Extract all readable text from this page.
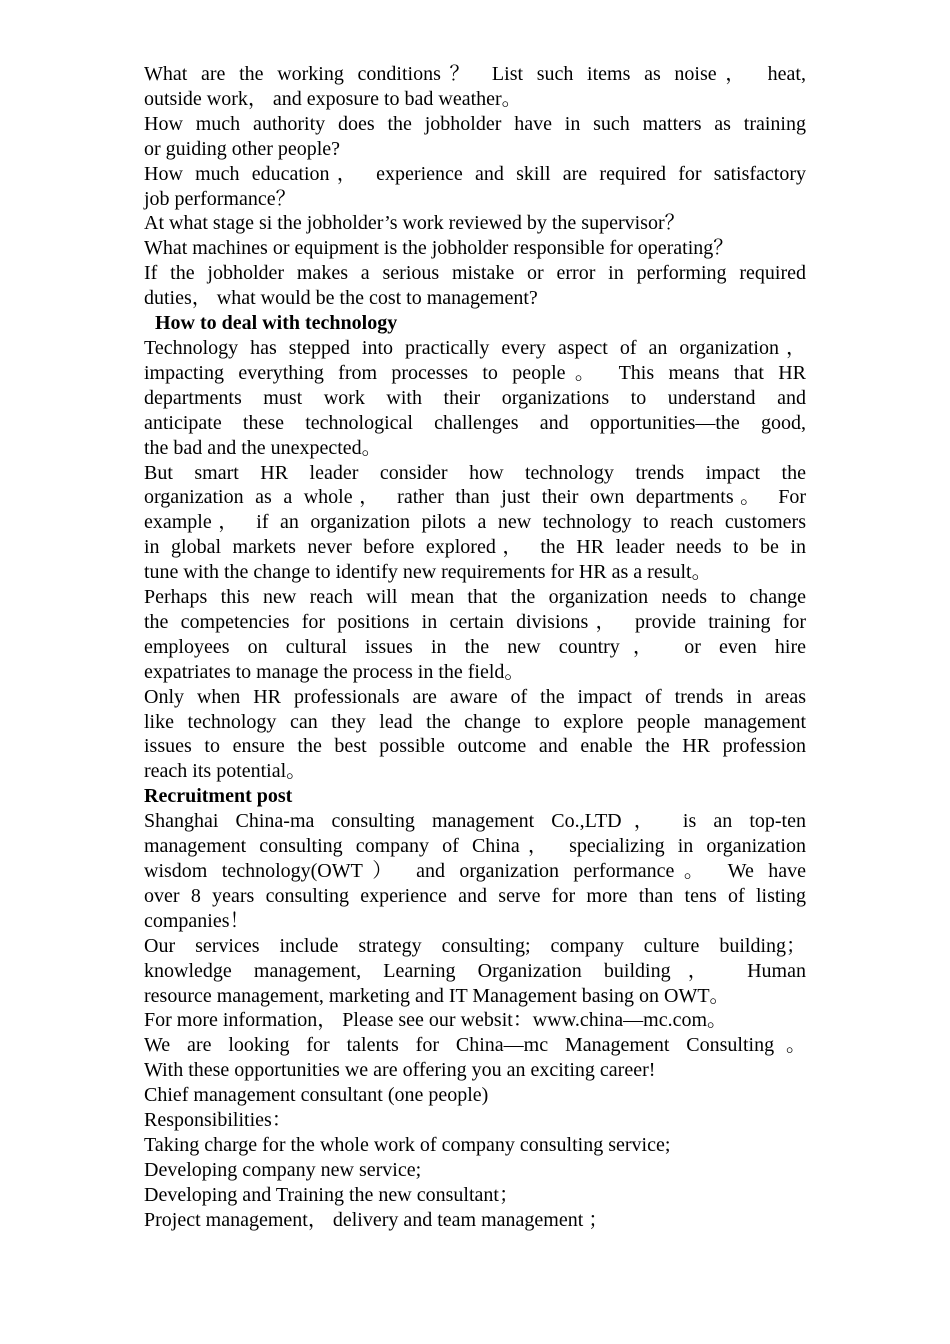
What are the working conditions？ List such items as noise， heat,
outside work， and exposure to bad weather。
How much authority does the jobholder have in such matters as training
or guiding other people?
How much education， experience and skill are required for satisfactory
job performance？
At what stage si the jobholder’s work reviewed by the supervisor？
What machines or equipment is the jobholder responsible for operating？
If the jobholder makes a serious mistake or error in performing required
duties， what would be the cost to management?
How to deal with technology
Technology has stepped into practically every aspect of an organization，
impacting everything from processes to people。 This means that HR
departments must work with their organizations to understand and
anticipate these technological challenges and opportunities—the good,
the bad and the unexpected。
But smart HR leader consider how technology trends impact the
organization as a whole， rather than just their own departments。 For
example， if an organization pilots a new technology to reach customers
in global markets never before explored， the HR leader needs to be in
tune with the change to identify new requirements for HR as a result。
Perhaps this new reach will mean that the organization needs to change
the competencies for positions in certain divisions， provide training for
employees on cultural issues in the new country， or even hire
expatriates to manage the process in the field。
Only when HR professionals are aware of the impact of trends in areas
like technology can they lead the change to explore people management
issues to ensure the best possible outcome and enable the HR profession
reach its potential。
Recruitment post
Shanghai China-ma consulting management Co.,LTD， is an top-ten
management consulting company of China， specializing in organization
wisdom technology(OWT） and organization performance。 We have
over 8 years consulting experience and serve for more than tens of listing
companies！
Our services include strategy consulting; company culture building；
knowledge management, Learning Organization building， Human
resource management, marketing and IT Management basing on OWT。
For more information， Please see our websit：www.china—mc.com。
We are looking for talents for China—mc Management Consulting。
With these opportunities we are offering you an exciting career!
Chief management consultant (one people)
Responsibilities：
Taking charge for the whole work of company consulting service;
Developing company new service;
Developing and Training the new consultant；
Project management， delivery and team management ；
